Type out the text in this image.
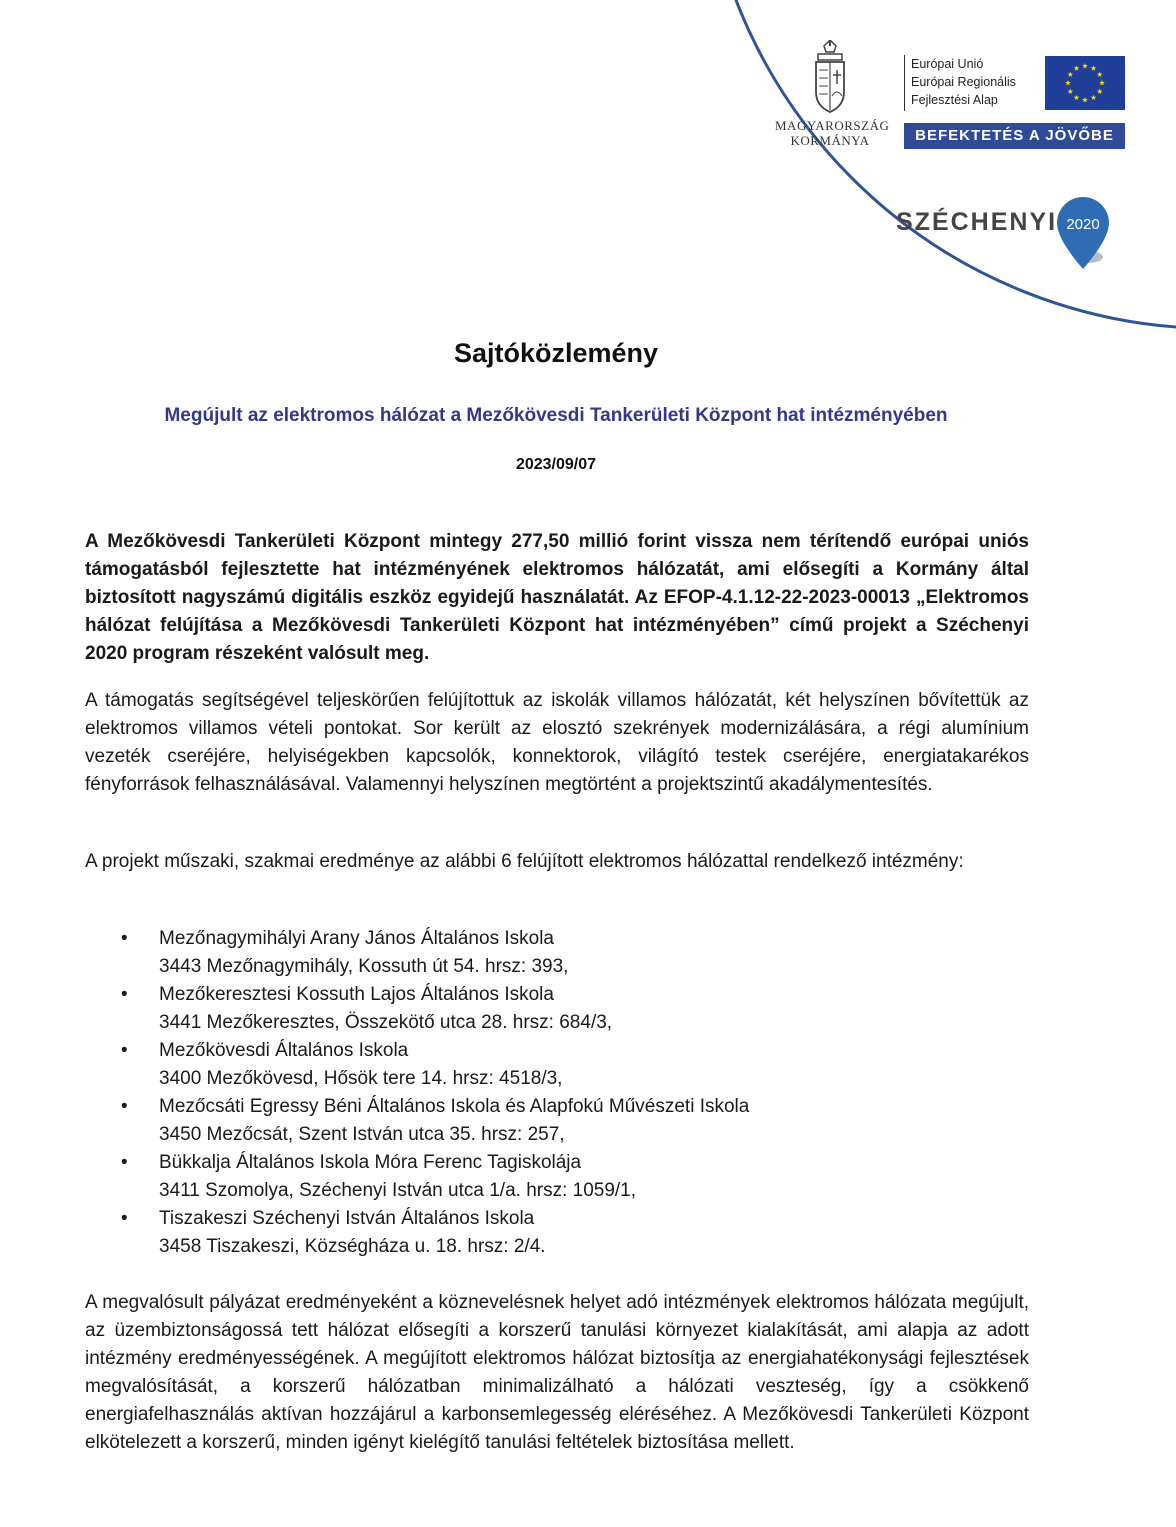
MAGYARORSZÁG
KORMÁNYA
Európai Unió
Európai Regionális
Fejlesztési Alap
BEFEKTETÉS A JÖVŐBE
SZÉCHENYI 2020
Sajtóközlemény
Megújult az elektromos hálózat a Mezőkövesdi Tankerületi Központ hat intézményében
2023/09/07

A Mezőkövesdi Tankerületi Központ mintegy 277,50 millió forint vissza nem térítendő európai uniós támogatásból fejlesztette hat intézményének elektromos hálózatát, ami elősegíti a Kormány által biztosított nagyszámú digitális eszköz egyidejű használatát. Az EFOP-4.1.12-22-2023-00013 „Elektromos hálózat felújítása a Mezőkövesdi Tankerületi Központ hat intézményében” című projekt a Széchenyi 2020 program részeként valósult meg.

A támogatás segítségével teljeskörűen felújítottuk az iskolák villamos hálózatát, két helyszínen bővítettük az elektromos villamos vételi pontokat. Sor került az elosztó szekrények modernizálására, a régi alumínium vezeték cseréjére, helyiségekben kapcsolók, konnektorok, világító testek cseréjére, energiatakarékos fényforrások felhasználásával. Valamennyi helyszínen megtörtént a projektszintű akadálymentesítés.

A projekt műszaki, szakmai eredménye az alábbi 6 felújított elektromos hálózattal rendelkező intézmény:

• Mezőnagymihályi Arany János Általános Iskola
3443 Mezőnagymihály, Kossuth út 54. hrsz: 393,
• Mezőkeresztesi Kossuth Lajos Általános Iskola
3441 Mezőkeresztes, Összekötő utca 28. hrsz: 684/3,
• Mezőkövesdi Általános Iskola
3400 Mezőkövesd, Hősök tere 14. hrsz: 4518/3,
• Mezőcsáti Egressy Béni Általános Iskola és Alapfokú Művészeti Iskola
3450 Mezőcsát, Szent István utca 35. hrsz: 257,
• Bükkalja Általános Iskola Móra Ferenc Tagiskolája
3411 Szomolya, Széchenyi István utca 1/a. hrsz: 1059/1,
• Tiszakeszi Széchenyi István Általános Iskola
3458 Tiszakeszi, Községháza u. 18. hrsz: 2/4.

A megvalósult pályázat eredményeként a köznevelésnek helyet adó intézmények elektromos hálózata megújult, az üzembiztonságossá tett hálózat elősegíti a korszerű tanulási környezet kialakítását, ami alapja az adott intézmény eredményességének. A megújított elektromos hálózat biztosítja az energiahatékonysági fejlesztések megvalósítását, a korszerű hálózatban minimalizálható a hálózati veszteség, így a csökkenő energiafelhasználás aktívan hozzájárul a karbonsemlegesség eléréséhez. A Mezőkövesdi Tankerületi Központ elkötelezett a korszerű, minden igényt kielégítő tanulási feltételek biztosítása mellett.
